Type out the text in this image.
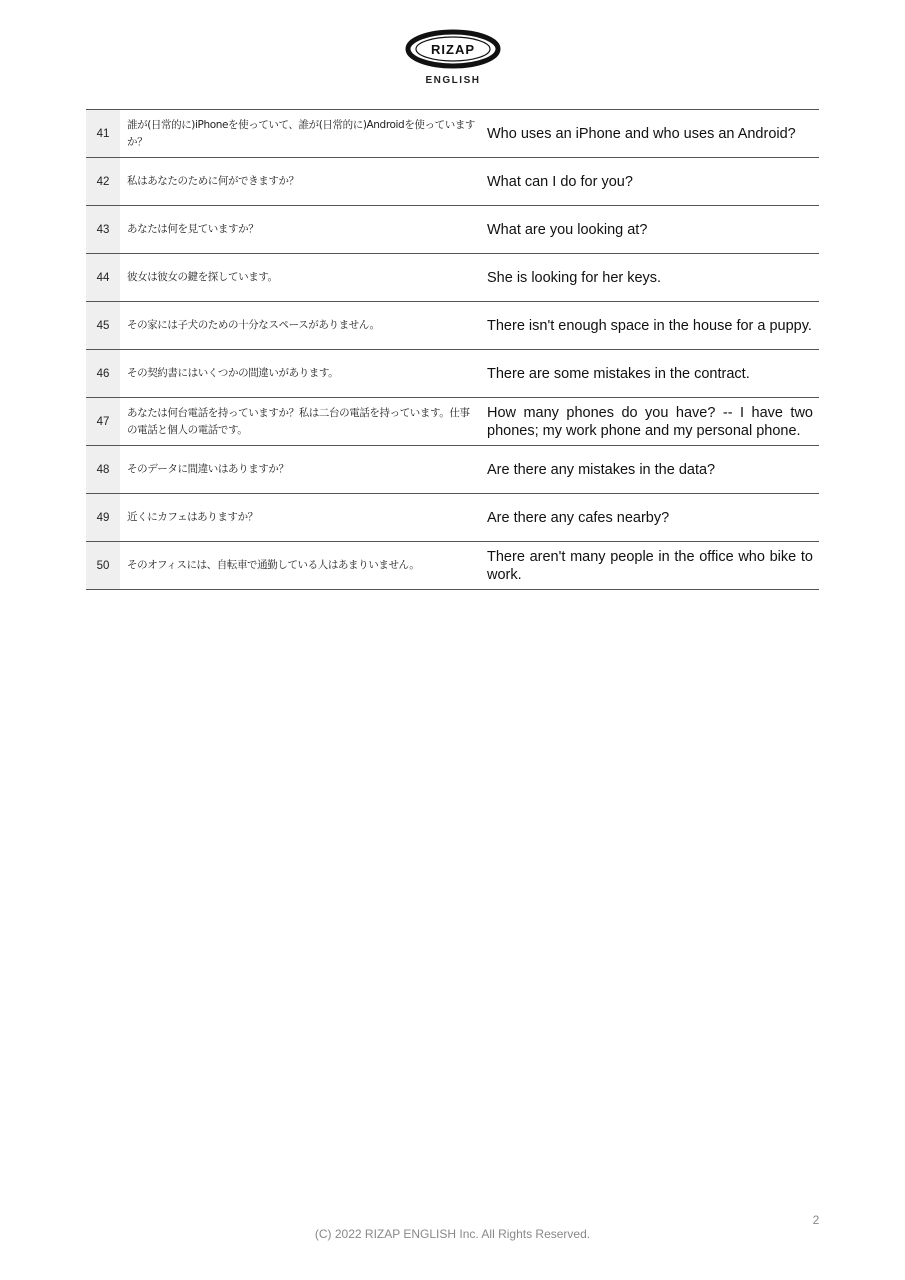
RIZAP
ENGLISH
41	誰が(日常的に)iPhoneを使っていて、誰が(日常的に)Androidを使っていますか？	Who uses an iPhone and who uses an Android?
42	私はあなたのために何ができますか？	What can I do for you?
43	あなたは何を見ていますか？	What are you looking at?
44	彼女は彼女の鍵を探しています。	She is looking for her keys.
45	その家には子犬のための十分なスペースがありません。	There isn't enough space in the house for a puppy.
46	その契約書にはいくつかの間違いがあります。	There are some mistakes in the contract.
47	あなたは何台電話を持っていますか？私は二台の電話を持っています。仕事の電話と個人の電話です。	How many phones do you have? -- I have two phones; my work phone and my personal phone.
48	そのデータに間違いはありますか？	Are there any mistakes in the data?
49	近くにカフェはありますか？	Are there any cafes nearby?
50	そのオフィスには、自転車で通勤している人はあまりいません。	There aren't many people in the office who bike to work.
2
(C) 2022 RIZAP ENGLISH Inc. All Rights Reserved.
